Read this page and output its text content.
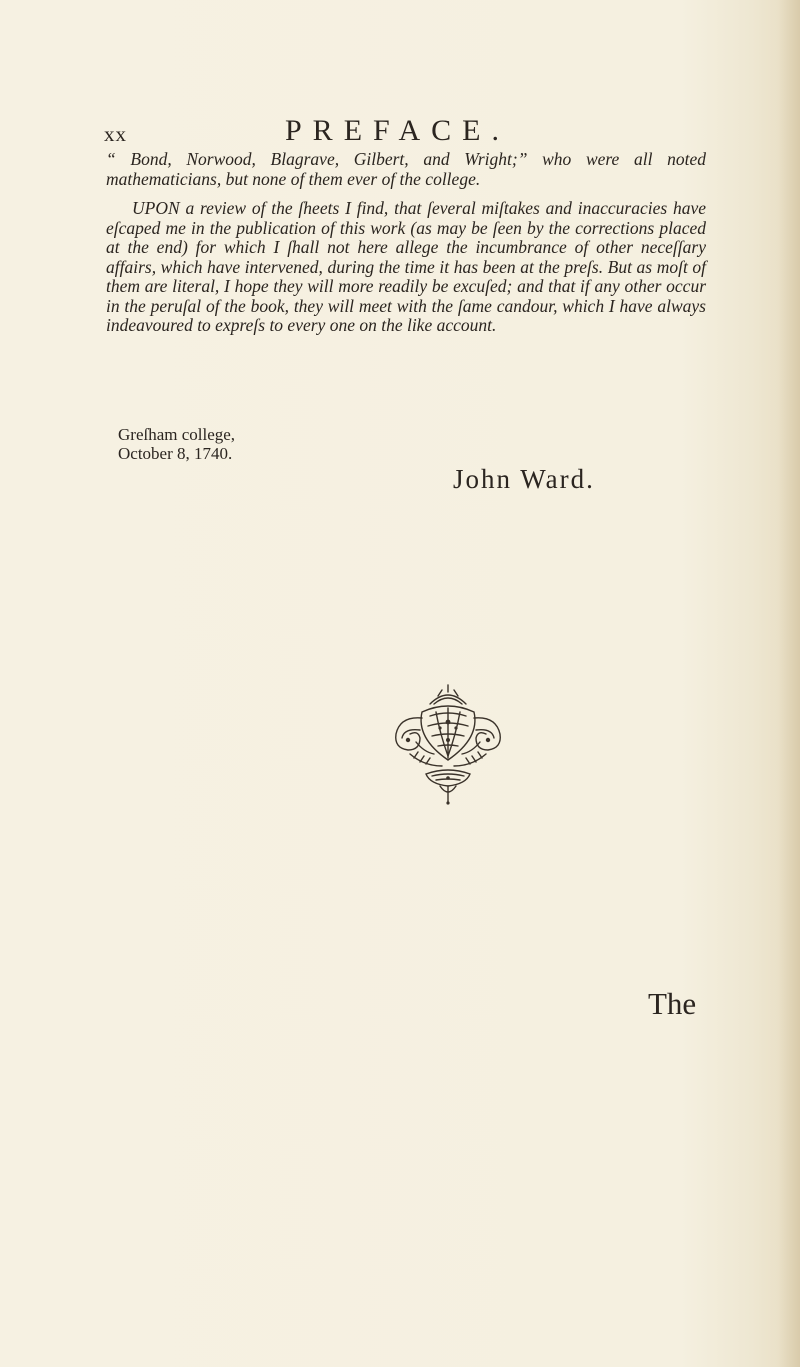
xx	PREFACE.

“ Bond, Norwood, Blagrave, Gilbert, and Wright;” who were all noted mathematicians, but none of them ever of the college.

UPON a review of the ſheets I find, that ſeveral miſtakes and inaccuracies have eſcaped me in the publication of this work (as may be ſeen by the corrections placed at the end) for which I ſhall not here allege the incumbrance of other neceſſary affairs, which have intervened, during the time it has been at the preſs. But as moſt of them are literal, I hope they will more readily be excuſed; and that if any other occur in the peruſal of the book, they will meet with the ſame candour, which I have always indeavoured to expreſs to every one on the like account.

Greſham college,
October 8, 1740.
John Ward.
The
